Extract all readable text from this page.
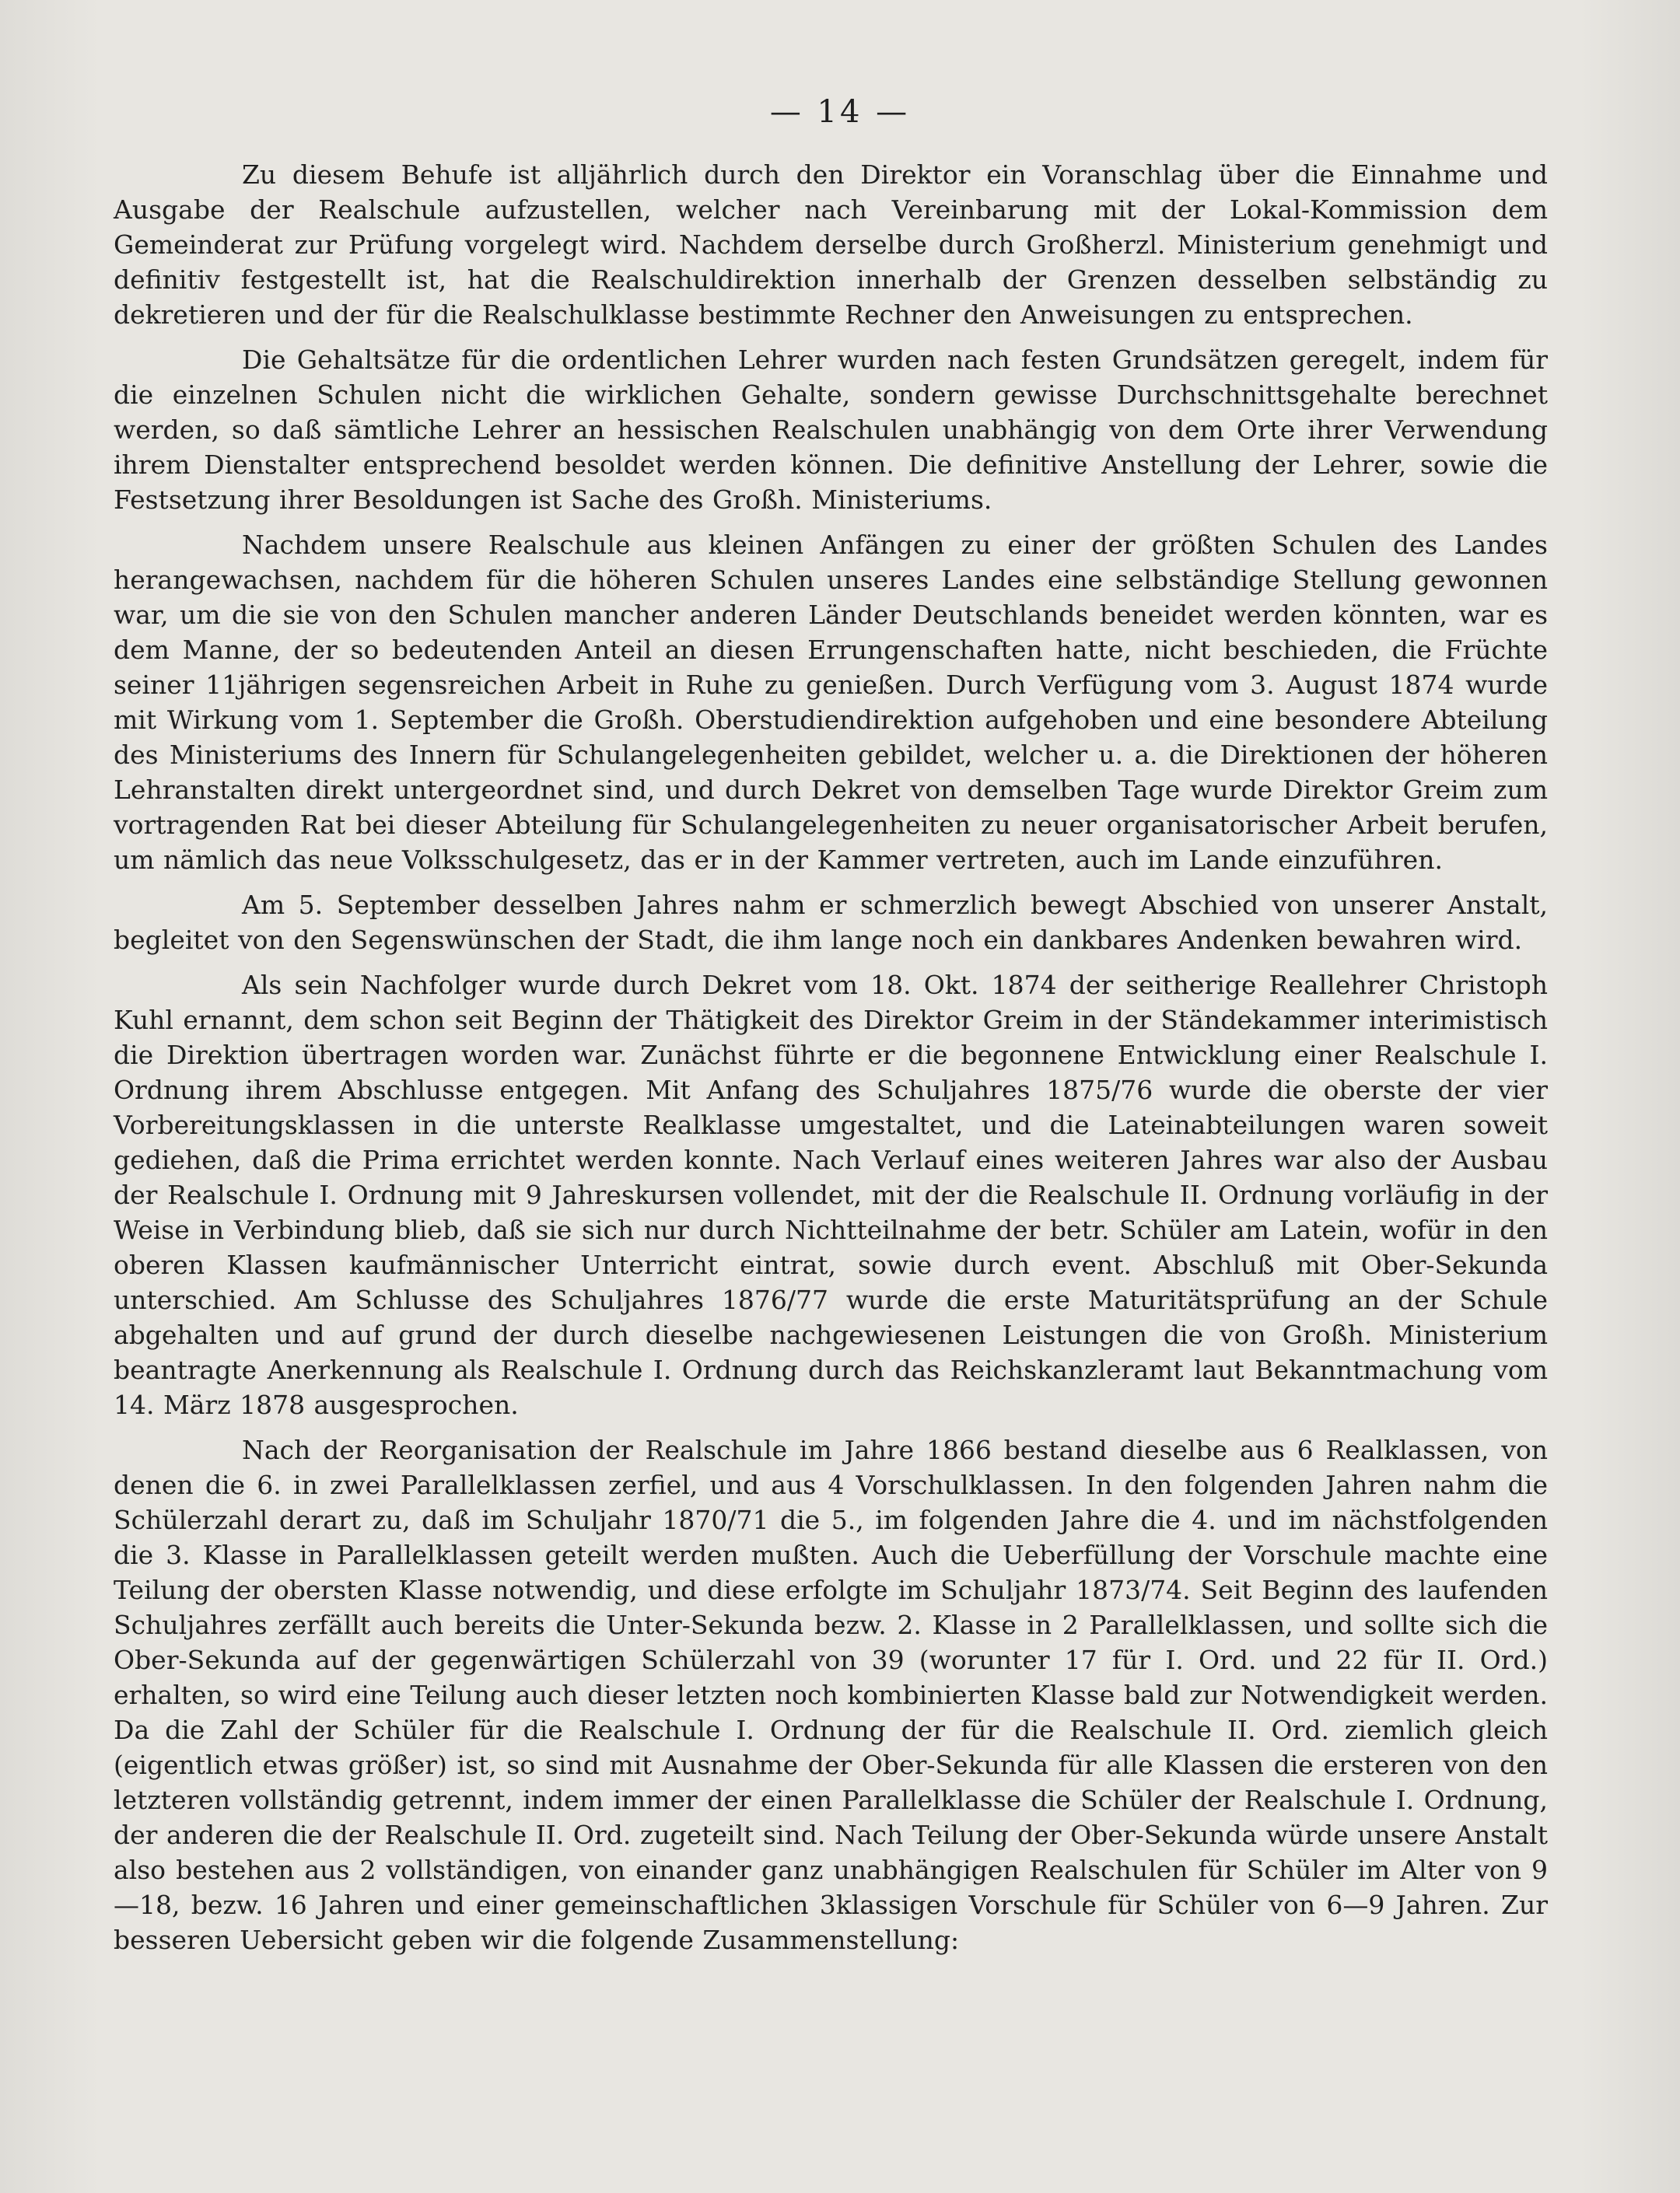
— 14 —

Zu diesem Behufe ist alljährlich durch den Direktor ein Voranschlag über die Einnahme und Ausgabe der Realschule aufzustellen, welcher nach Vereinbarung mit der Lokal-Kommission dem Gemeinderat zur Prüfung vorgelegt wird. Nachdem derselbe durch Großherzl. Ministerium genehmigt und definitiv festgestellt ist, hat die Realschuldirektion innerhalb der Grenzen desselben selbständig zu dekretieren und der für die Realschulklasse bestimmte Rechner den Anweisungen zu entsprechen.

Die Gehaltsätze für die ordentlichen Lehrer wurden nach festen Grundsätzen geregelt, indem für die einzelnen Schulen nicht die wirklichen Gehalte, sondern gewisse Durchschnittsgehalte berechnet werden, so daß sämtliche Lehrer an hessischen Realschulen unabhängig von dem Orte ihrer Verwendung ihrem Dienstalter entsprechend besoldet werden können. Die definitive Anstellung der Lehrer, sowie die Festsetzung ihrer Besoldungen ist Sache des Großh. Ministeriums.

Nachdem unsere Realschule aus kleinen Anfängen zu einer der größten Schulen des Landes herangewachsen, nachdem für die höheren Schulen unseres Landes eine selbständige Stellung gewonnen war, um die sie von den Schulen mancher anderen Länder Deutschlands beneidet werden könnten, war es dem Manne, der so bedeutenden Anteil an diesen Errungenschaften hatte, nicht beschieden, die Früchte seiner 11jährigen segensreichen Arbeit in Ruhe zu genießen. Durch Verfügung vom 3. August 1874 wurde mit Wirkung vom 1. September die Großh. Oberstudiendirektion aufgehoben und eine besondere Abteilung des Ministeriums des Innern für Schulangelegenheiten gebildet, welcher u. a. die Direktionen der höheren Lehranstalten direkt untergeordnet sind, und durch Dekret von demselben Tage wurde Direktor Greim zum vortragenden Rat bei dieser Abteilung für Schulangelegenheiten zu neuer organisatorischer Arbeit berufen, um nämlich das neue Volksschulgesetz, das er in der Kammer vertreten, auch im Lande einzuführen.

Am 5. September desselben Jahres nahm er schmerzlich bewegt Abschied von unserer Anstalt, begleitet von den Segenswünschen der Stadt, die ihm lange noch ein dankbares Andenken bewahren wird.

Als sein Nachfolger wurde durch Dekret vom 18. Okt. 1874 der seitherige Reallehrer Christoph Kuhl ernannt, dem schon seit Beginn der Thätigkeit des Direktor Greim in der Ständekammer interimistisch die Direktion übertragen worden war. Zunächst führte er die begonnene Entwicklung einer Realschule I. Ordnung ihrem Abschlusse entgegen. Mit Anfang des Schuljahres 1875/76 wurde die oberste der vier Vorbereitungsklassen in die unterste Realklasse umgestaltet, und die Lateinabteilungen waren soweit gediehen, daß die Prima errichtet werden konnte. Nach Verlauf eines weiteren Jahres war also der Ausbau der Realschule I. Ordnung mit 9 Jahreskursen vollendet, mit der die Realschule II. Ordnung vorläufig in der Weise in Verbindung blieb, daß sie sich nur durch Nichtteilnahme der betr. Schüler am Latein, wofür in den oberen Klassen kaufmännischer Unterricht eintrat, sowie durch event. Abschluß mit Ober-Sekunda unterschied. Am Schlusse des Schuljahres 1876/77 wurde die erste Maturitätsprüfung an der Schule abgehalten und auf grund der durch dieselbe nachgewiesenen Leistungen die von Großh. Ministerium beantragte Anerkennung als Realschule I. Ordnung durch das Reichskanzleramt laut Bekanntmachung vom 14. März 1878 ausgesprochen.

Nach der Reorganisation der Realschule im Jahre 1866 bestand dieselbe aus 6 Realklassen, von denen die 6. in zwei Parallelklassen zerfiel, und aus 4 Vorschulklassen. In den folgenden Jahren nahm die Schülerzahl derart zu, daß im Schuljahr 1870/71 die 5., im folgenden Jahre die 4. und im nächstfolgenden die 3. Klasse in Parallelklassen geteilt werden mußten. Auch die Ueberfüllung der Vorschule machte eine Teilung der obersten Klasse notwendig, und diese erfolgte im Schuljahr 1873/74. Seit Beginn des laufenden Schuljahres zerfällt auch bereits die Unter-Sekunda bezw. 2. Klasse in 2 Parallelklassen, und sollte sich die Ober-Sekunda auf der gegenwärtigen Schülerzahl von 39 (worunter 17 für I. Ord. und 22 für II. Ord.) erhalten, so wird eine Teilung auch dieser letzten noch kombinierten Klasse bald zur Notwendigkeit werden. Da die Zahl der Schüler für die Realschule I. Ordnung der für die Realschule II. Ord. ziemlich gleich (eigentlich etwas größer) ist, so sind mit Ausnahme der Ober-Sekunda für alle Klassen die ersteren von den letzteren vollständig getrennt, indem immer der einen Parallelklasse die Schüler der Realschule I. Ordnung, der anderen die der Realschule II. Ord. zugeteilt sind. Nach Teilung der Ober-Sekunda würde unsere Anstalt also bestehen aus 2 vollständigen, von einander ganz unabhängigen Realschulen für Schüler im Alter von 9—18, bezw. 16 Jahren und einer gemeinschaftlichen 3klassigen Vorschule für Schüler von 6—9 Jahren. Zur besseren Uebersicht geben wir die folgende Zusammenstellung:
